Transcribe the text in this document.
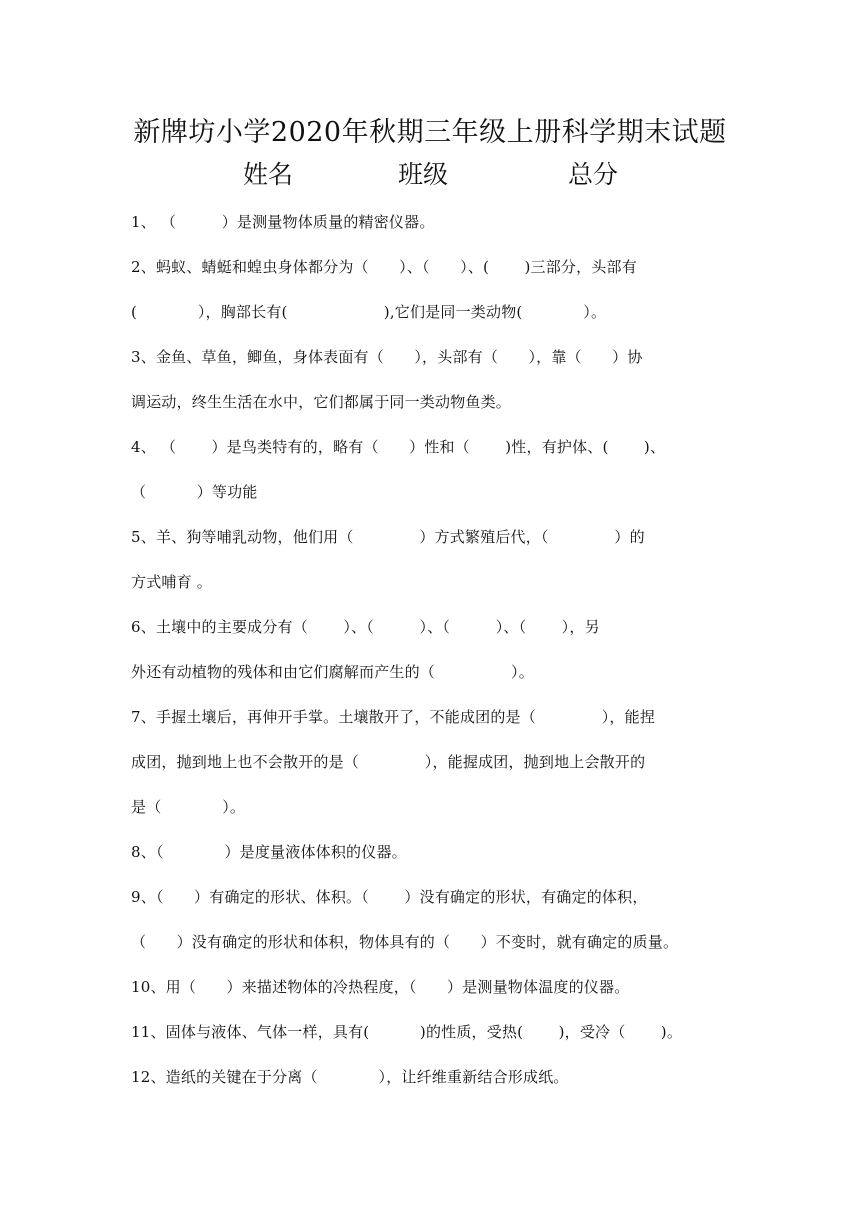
新牌坊小学2020年秋期三年级上册科学期末试题
姓名	班级	总分
1、 （　　　）是测量物体质量的精密仪器。
2、蚂蚁、蜻蜓和蝗虫身体都分为（　　）、（　　）、(　　 )三部分，头部有
(　　　　），胸部长有(　　　　　　 ),它们是同一类动物(　　　　）。
3、金鱼、草鱼，鲫鱼，身体表面有（　　），头部有（　　），靠（　　）协
调运动，终生生活在水中，它们都属于同一类动物鱼类。
4、 （　　 ）是鸟类特有的，略有（　　）性和（　　 )性，有护体、(　　 )、
（　　　 ）等功能
5、羊、狗等哺乳动物，他们用（　　　　 ）方式繁殖后代，（　　　　 ）的
方式哺育 。
6、土壤中的主要成分有（　　 ）、（　　　）、（　　　）、（　　 ），另
外还有动植物的残体和由它们腐解而产生的（　　　　　）。
7、手握土壤后，再伸开手掌。土壤散开了，不能成团的是（　　　　 ），能捏
成团，抛到地上也不会散开的是（　　　　 ），能握成团，抛到地上会散开的
是（　　　　）。
8、（　　　　）是度量液体体积的仪器。
9、（　　）有确定的形状、体积。（　　 ）没有确定的形状，有确定的体积，
（　　）没有确定的形状和体积，物体具有的（　　）不变时，就有确定的质量。
10、用（　　）来描述物体的冷热程度，（　　）是测量物体温度的仪器。
11、固体与液体、气体一样，具有(　　　 )的性质，受热(　　 )，受冷（　　 )。
12、造纸的关键在于分离（　　　　），让纤维重新结合形成纸。
